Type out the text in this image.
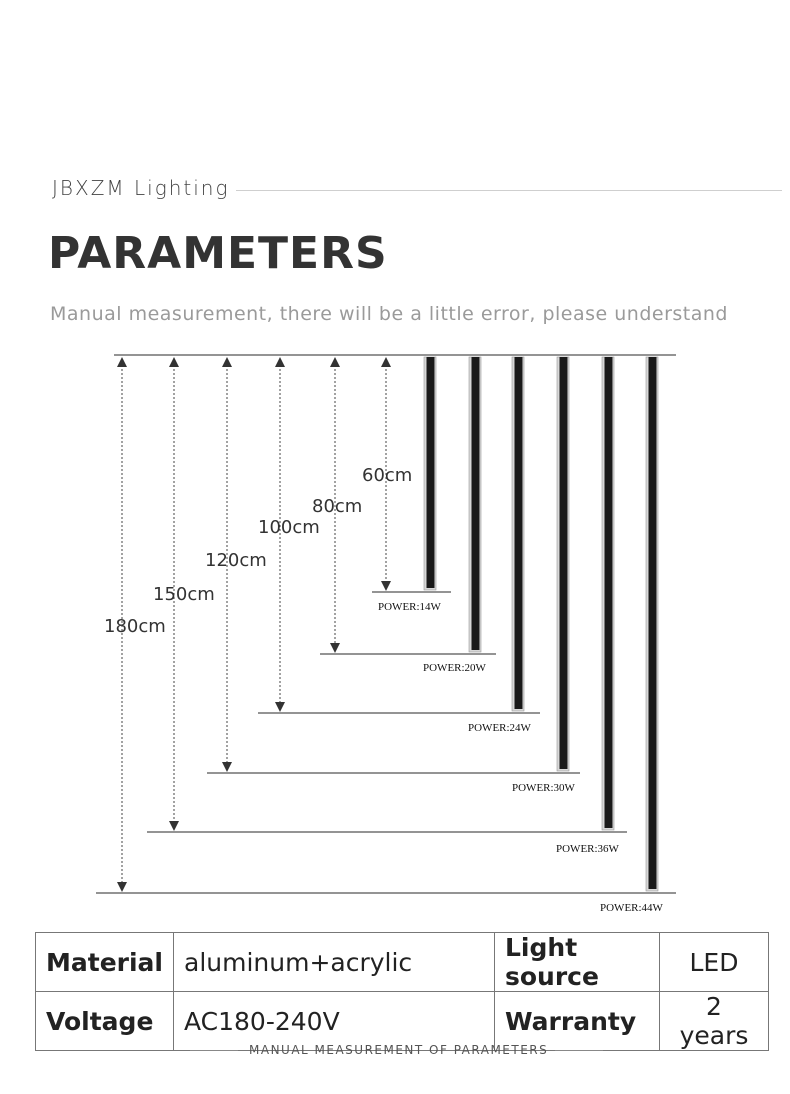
JBXZM Lighting
PARAMETERS
Manual measurement, there will be a little error, please understand
60cm
POWER:14W
80cm
POWER:20W
100cm
POWER:24W
120cm
POWER:30W
150cm
POWER:36W
180cm
POWER:44W
Material	aluminum+acrylic	Light source	LED
Voltage	AC180-240V	Warranty	2 years
MANUAL MEASUREMENT OF PARAMETERS
